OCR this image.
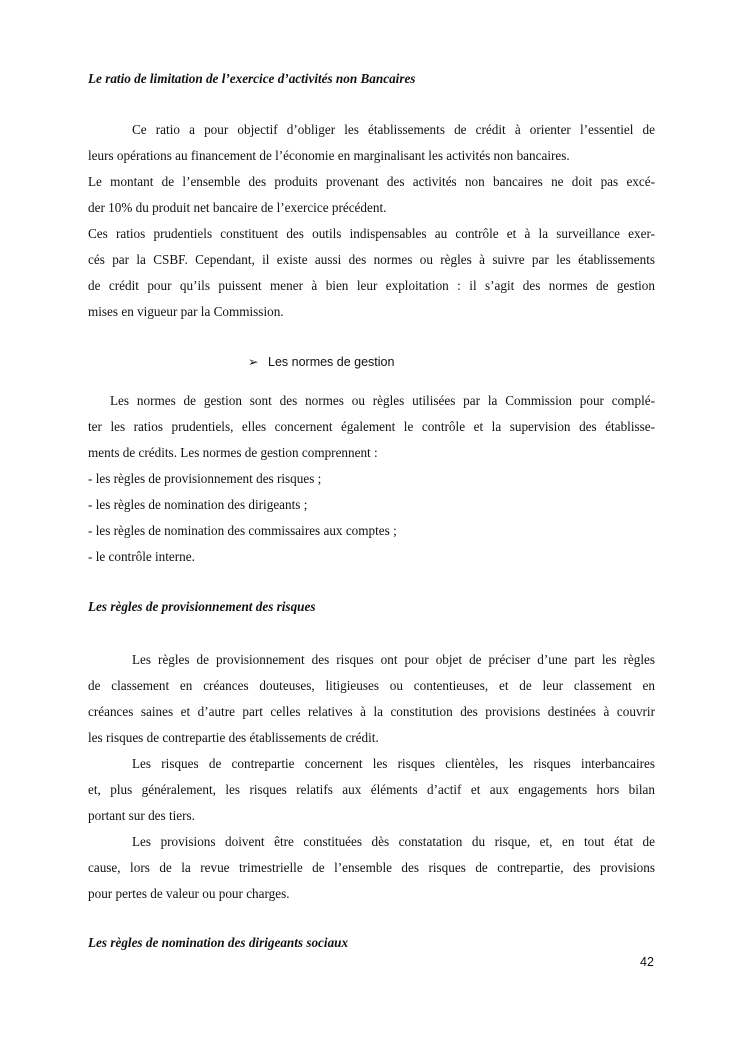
Le ratio de limitation de l’exercice d’activités non Bancaires
Ce ratio a pour objectif d’obliger les établissements de crédit à orienter l’essentiel de
leurs opérations au financement de l’économie en marginalisant les activités non bancaires.
Le montant de l’ensemble des produits provenant des activités non bancaires ne doit pas excé-
der 10% du produit net bancaire de l’exercice précédent.
Ces ratios prudentiels constituent des outils indispensables au contrôle et à la surveillance exer-
cés par la CSBF. Cependant, il existe aussi des normes ou règles à suivre par les établissements
de crédit pour qu’ils puissent mener à bien leur exploitation : il s’agit des normes de gestion
mises en vigueur par la Commission.
➢ Les normes de gestion
Les normes de gestion sont des normes ou règles utilisées par la Commission pour complé-
ter les ratios prudentiels, elles concernent également le contrôle et la supervision des établisse-
ments de crédits. Les normes de gestion comprennent :
- les règles de provisionnement des risques ;
- les règles de nomination des dirigeants ;
- les règles de nomination des commissaires aux comptes ;
- le contrôle interne.
Les règles de provisionnement des risques
Les règles de provisionnement des risques ont pour objet de préciser d’une part les règles
de classement en créances douteuses, litigieuses ou contentieuses, et de leur classement en
créances saines et d’autre part celles relatives à la constitution des provisions destinées à couvrir
les risques de contrepartie des établissements de crédit.
Les risques de contrepartie concernent les risques clientèles, les risques interbancaires
et, plus généralement, les risques relatifs aux éléments d’actif et aux engagements hors bilan
portant sur des tiers.
Les provisions doivent être constituées dès constatation du risque, et, en tout état de
cause, lors de la revue trimestrielle de l’ensemble des risques de contrepartie, des provisions
pour pertes de valeur ou pour charges.
Les règles de nomination des dirigeants sociaux
42
